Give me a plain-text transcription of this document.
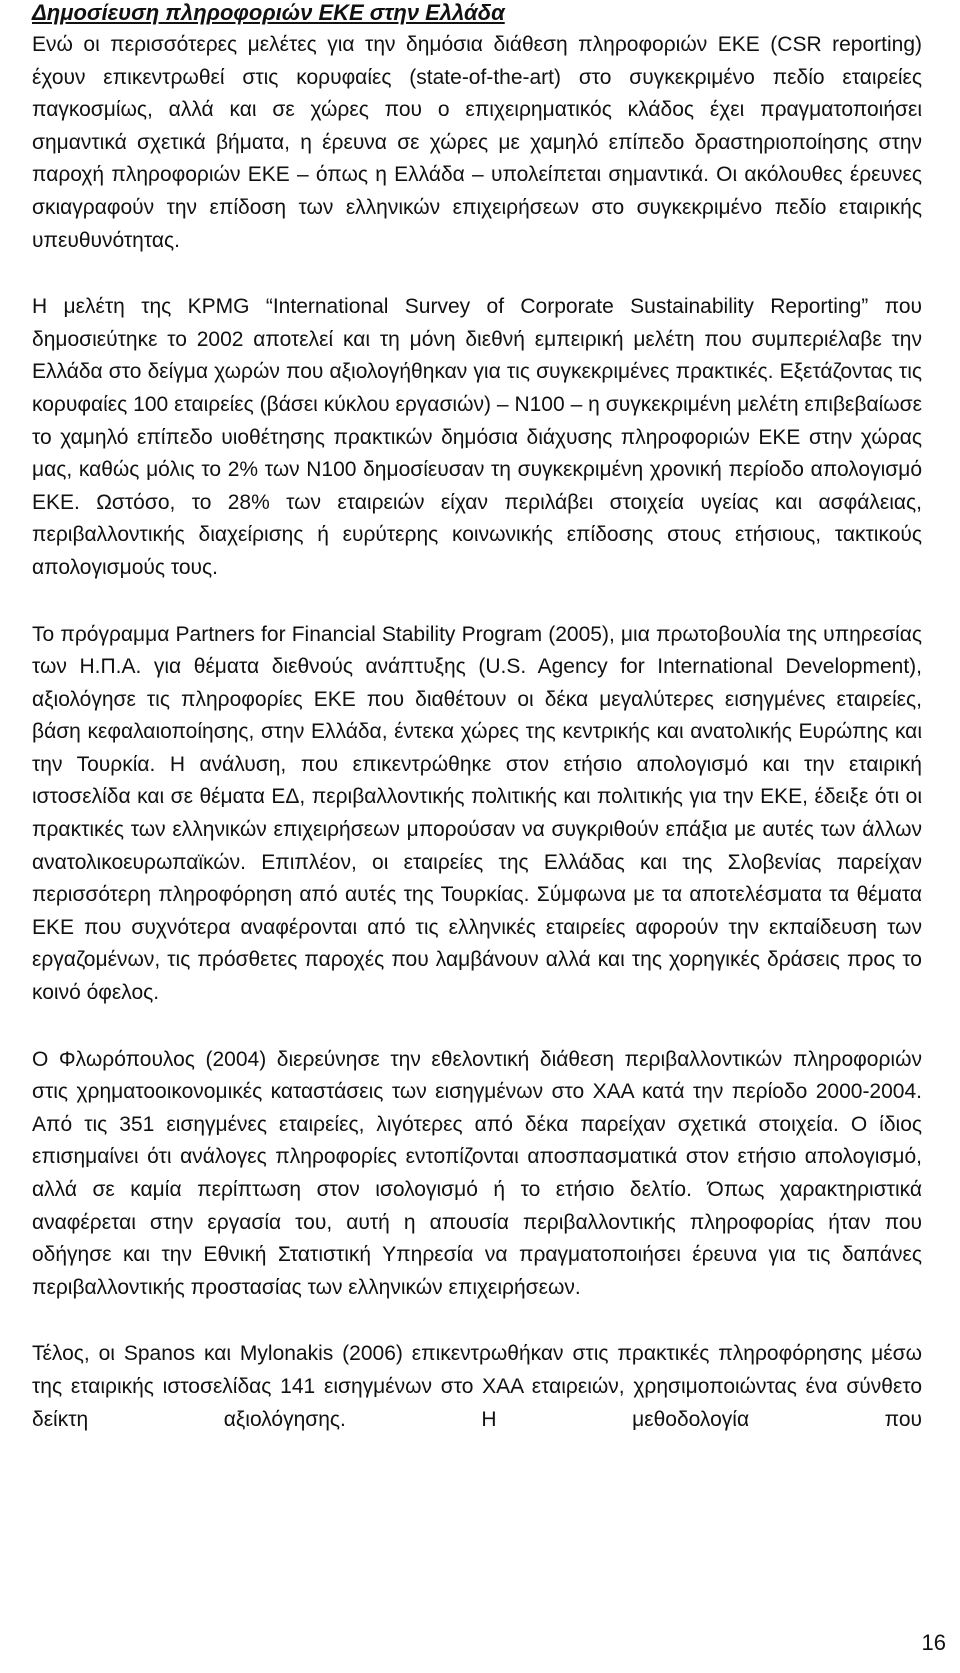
Δημοσίευση πληροφοριών ΕΚΕ στην Ελλάδα

Ενώ οι περισσότερες μελέτες για την δημόσια διάθεση πληροφοριών ΕΚΕ (CSR reporting) έχουν επικεντρωθεί στις κορυφαίες (state-of-the-art) στο συγκεκριμένο πεδίο εταιρείες παγκοσμίως, αλλά και σε χώρες που ο επιχειρηματικός κλάδος έχει πραγματοποιήσει σημαντικά σχετικά βήματα, η έρευνα σε χώρες με χαμηλό επίπεδο δραστηριοποίησης στην παροχή πληροφοριών ΕΚΕ – όπως η Ελλάδα – υπολείπεται σημαντικά. Οι ακόλουθες έρευνες σκιαγραφούν την επίδοση των ελληνικών επιχειρήσεων στο συγκεκριμένο πεδίο εταιρικής υπευθυνότητας.

Η μελέτη της KPMG “International Survey of Corporate Sustainability Reporting” που δημοσιεύτηκε το 2002 αποτελεί και τη μόνη διεθνή εμπειρική μελέτη που συμπεριέλαβε την Ελλάδα στο δείγμα χωρών που αξιολογήθηκαν για τις συγκεκριμένες πρακτικές. Εξετάζοντας τις κορυφαίες 100 εταιρείες (βάσει κύκλου εργασιών) – Ν100 – η συγκεκριμένη μελέτη επιβεβαίωσε το χαμηλό επίπεδο υιοθέτησης πρακτικών δημόσια διάχυσης πληροφοριών ΕΚΕ στην χώρας μας, καθώς μόλις το 2% των Ν100 δημοσίευσαν τη συγκεκριμένη χρονική περίοδο απολογισμό ΕΚΕ. Ωστόσο, το 28% των εταιρειών είχαν περιλάβει στοιχεία υγείας και ασφάλειας, περιβαλλοντικής διαχείρισης ή ευρύτερης κοινωνικής επίδοσης στους ετήσιους, τακτικούς απολογισμούς τους.

Το πρόγραμμα Partners for Financial Stability Program (2005), μια πρωτοβουλία της υπηρεσίας των Η.Π.Α. για θέματα διεθνούς ανάπτυξης (U.S. Agency for International Development), αξιολόγησε τις πληροφορίες ΕΚΕ που διαθέτουν οι δέκα μεγαλύτερες εισηγμένες εταιρείες, βάση κεφαλαιοποίησης, στην Ελλάδα, έντεκα χώρες της κεντρικής και ανατολικής Ευρώπης και την Τουρκία. Η ανάλυση, που επικεντρώθηκε στον ετήσιο απολογισμό και την εταιρική ιστοσελίδα και σε θέματα ΕΔ, περιβαλλοντικής πολιτικής και πολιτικής για την ΕΚΕ, έδειξε ότι οι πρακτικές των ελληνικών επιχειρήσεων μπορούσαν να συγκριθούν επάξια με αυτές των άλλων ανατολικοευρωπαϊκών. Επιπλέον, οι εταιρείες της Ελλάδας και της Σλοβενίας παρείχαν περισσότερη πληροφόρηση από αυτές της Τουρκίας. Σύμφωνα με τα αποτελέσματα τα θέματα ΕΚΕ που συχνότερα αναφέρονται από τις ελληνικές εταιρείες αφορούν την εκπαίδευση των εργαζομένων, τις πρόσθετες παροχές που λαμβάνουν αλλά και της χορηγικές δράσεις προς το κοινό όφελος.

Ο Φλωρόπουλος (2004) διερεύνησε την εθελοντική διάθεση περιβαλλοντικών πληροφοριών στις χρηματοοικονομικές καταστάσεις των εισηγμένων στο ΧΑΑ κατά την περίοδο 2000-2004. Από τις 351 εισηγμένες εταιρείες, λιγότερες από δέκα παρείχαν σχετικά στοιχεία. Ο ίδιος επισημαίνει ότι ανάλογες πληροφορίες εντοπίζονται αποσπασματικά στον ετήσιο απολογισμό, αλλά σε καμία περίπτωση στον ισολογισμό ή το ετήσιο δελτίο. Όπως χαρακτηριστικά αναφέρεται στην εργασία του, αυτή η απουσία περιβαλλοντικής πληροφορίας ήταν που οδήγησε και την Εθνική Στατιστική Υπηρεσία να πραγματοποιήσει έρευνα για τις δαπάνες περιβαλλοντικής προστασίας των ελληνικών επιχειρήσεων.

Τέλος, οι Spanos και Mylonakis (2006) επικεντρωθήκαν στις πρακτικές πληροφόρησης μέσω της εταιρικής ιστοσελίδας 141 εισηγμένων στο ΧΑΑ εταιρειών, χρησιμοποιώντας ένα σύνθετο δείκτη αξιολόγησης. Η μεθοδολογία που

16
